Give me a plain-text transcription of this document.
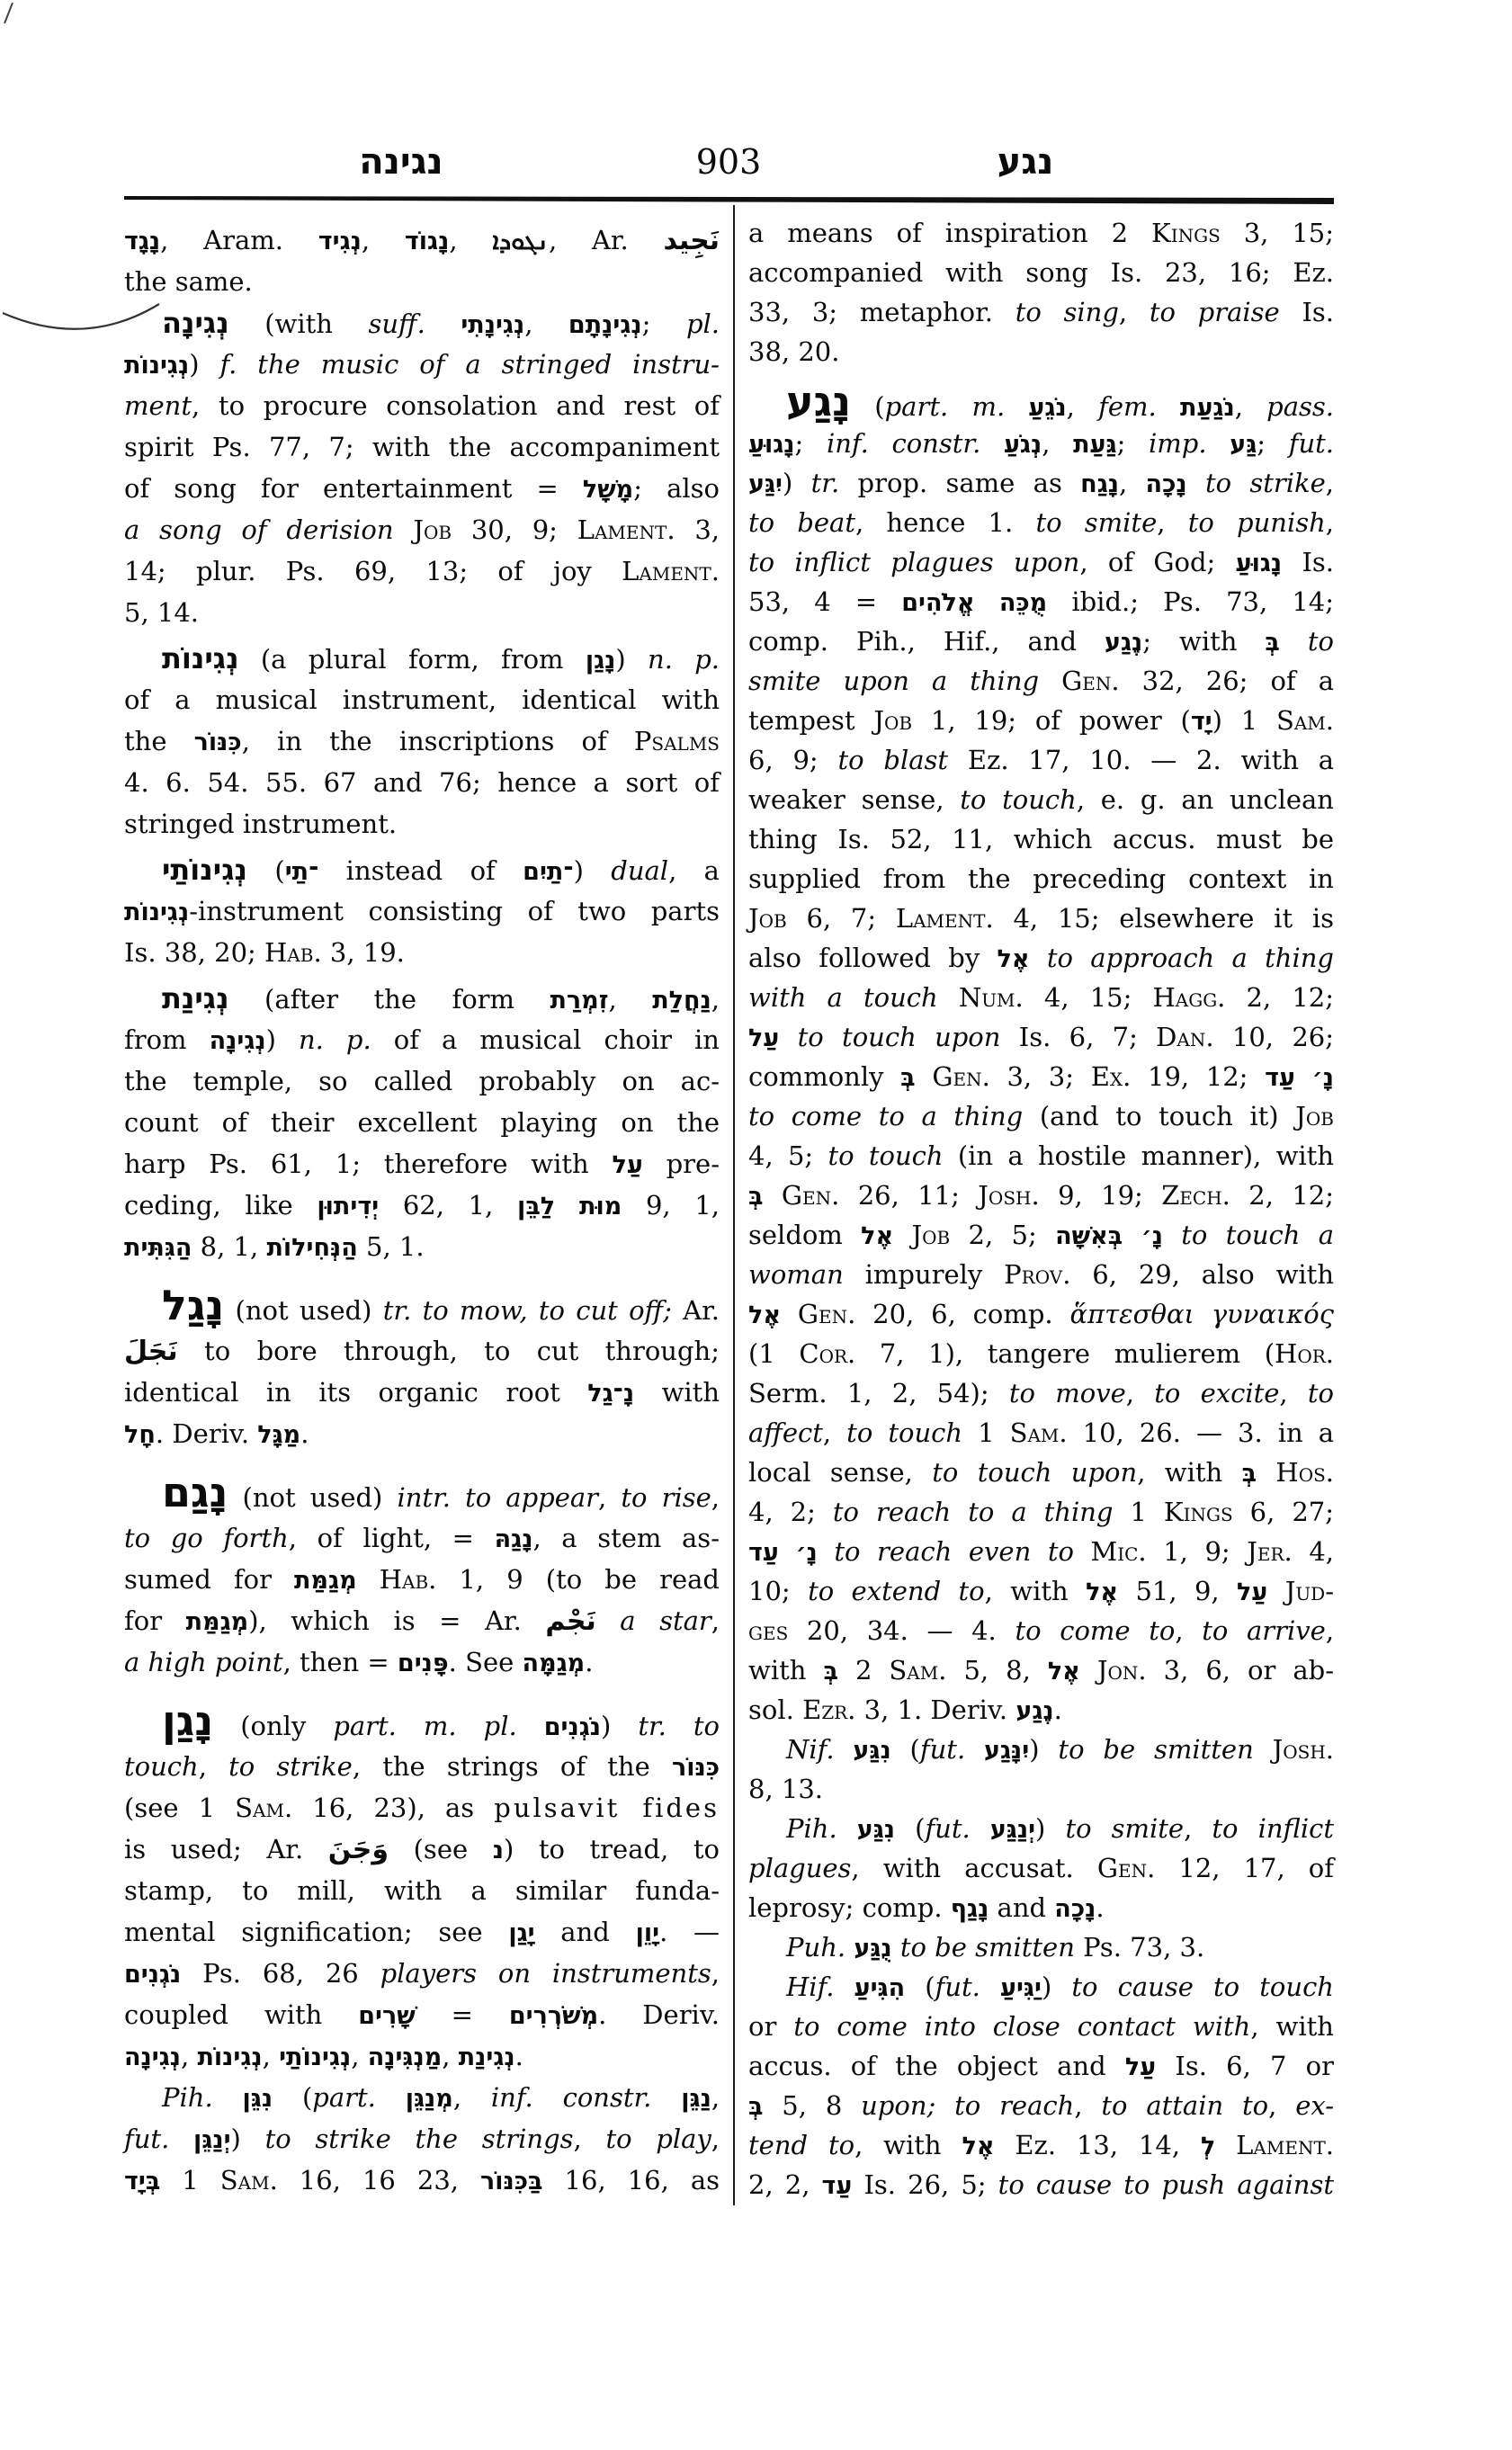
נגינה	903	נגע
נָגָד, Aram. נְגִיד, נָגוֹד, ܢܓܘܕܐ, Ar. نَجِيد
the same.
נְגִינָה (with suff. נְגִינָתִי, נְגִינָתָם; pl.
נְגִינוֹת) f. the music of a stringed instru-
ment, to procure consolation and rest of
spirit Ps. 77, 7; with the accompaniment
of song for entertainment = מָשָׁל; also
a song of derision Job 30, 9; Lament. 3,
14; plur. Ps. 69, 13; of joy Lament.
5, 14.
נְגִינוֹת (a plural form, from נָגַן) n. p.
of a musical instrument, identical with
the כִּנּוֹר, in the inscriptions of Psalms
4. 6. 54. 55. 67 and 76; hence a sort of
stringed instrument.
נְגִינוֹתַי (־תַי instead of ־תַיִם) dual, a
נְגִינוֹת-instrument consisting of two parts
Is. 38, 20; Hab. 3, 19.
נְגִינַת (after the form זִמְרַת, נַחֲלַת,
from נְגִינָה) n. p. of a musical choir in
the temple, so called probably on ac-
count of their excellent playing on the
harp Ps. 61, 1; therefore with עַל pre-
ceding, like יְדִיתוּן 62, 1, מוּת לַבֵּן 9, 1,
הַגִּתִּית 8, 1, הַנְּחִילוֹת 5, 1.
נָגַל (not used) tr. to mow, to cut off; Ar.
نَجَلَ to bore through, to cut through;
identical in its organic root נָ־גַל with
חָל. Deriv. מַגָּל.
נָגַם (not used) intr. to appear, to rise,
to go forth, of light, = נָגַהּ, a stem as-
sumed for מְגַמַּת Hab. 1, 9 (to be read
for מְגַמַּת), which is = Ar. نَجْم a star,
a high point, then = פָּנִים. See מְגַמָּה.
נָגַן (only part. m. pl. נֹגְנִים) tr. to
touch, to strike, the strings of the כִּנּוֹר
(see 1 Sam. 16, 23), as pulsavit fides
is used; Ar. وَجَنَ (see נ) to tread, to
stamp, to mill, with a similar funda-
mental signification; see יָגַן and יָוֵן. —
נֹגְנִים Ps. 68, 26 players on instruments,
coupled with שָׁרִים = מְשֹׁרְרִים. Deriv.
נְגִינָה, נְגִינוֹת, נְגִינוֹתַי, מַנְגִּינָה, נְגִינַת.
Pih. נִגֵּן (part. מְנַגֵּן, inf. constr. נַגֵּן,
fut. יְנַגֵּן) to strike the strings, to play,
בְּיָד 1 Sam. 16, 16 23, בַּכִּנּוֹר 16, 16, as
a means of inspiration 2 Kings 3, 15;
accompanied with song Is. 23, 16; Ez.
33, 3; metaphor. to sing, to praise Is.
38, 20.
נָגַע (part. m. נֹגֵעַ, fem. נֹגַעַת, pass.
נָגוּעַ; inf. constr. נְגֹעַ, גַּעַת; imp. גַּע; fut.
יִגַּע) tr. prop. same as נָגַח, נָכָה to strike,
to beat, hence 1. to smite, to punish,
to inflict plagues upon, of God; נָגוּעַ Is.
53, 4 = מֻכֵּה אֱלֹהִים ibid.; Ps. 73, 14;
comp. Pih., Hif., and נֶגַע; with בְּ to
smite upon a thing Gen. 32, 26; of a
tempest Job 1, 19; of power (יָד) 1 Sam.
6, 9; to blast Ez. 17, 10. — 2. with a
weaker sense, to touch, e. g. an unclean
thing Is. 52, 11, which accus. must be
supplied from the preceding context in
Job 6, 7; Lament. 4, 15; elsewhere it is
also followed by אֶל to approach a thing
with a touch Num. 4, 15; Hagg. 2, 12;
עַל to touch upon Is. 6, 7; Dan. 10, 26;
commonly בְּ Gen. 3, 3; Ex. 19, 12; נָ׳ עַד
to come to a thing (and to touch it) Job
4, 5; to touch (in a hostile manner), with
בְּ Gen. 26, 11; Josh. 9, 19; Zech. 2, 12;
seldom אֶל Job 2, 5; נָ׳ בְּאִשָּׁה to touch a
woman impurely Prov. 6, 29, also with
אֶל Gen. 20, 6, comp. ἅπτεσθαι γυναικός
(1 Cor. 7, 1), tangere mulierem (Hor.
Serm. 1, 2, 54); to move, to excite, to
affect, to touch 1 Sam. 10, 26. — 3. in a
local sense, to touch upon, with בְּ Hos.
4, 2; to reach to a thing 1 Kings 6, 27;
נָ׳ עַד to reach even to Mic. 1, 9; Jer. 4,
10; to extend to, with אֶל 51, 9, עַל Jud-
ges 20, 34. — 4. to come to, to arrive,
with בְּ 2 Sam. 5, 8, אֶל Jon. 3, 6, or ab-
sol. Ezr. 3, 1. Deriv. נֶגַע.
Nif. נִגַּע (fut. יִנָּגַע) to be smitten Josh.
8, 13.
Pih. נִגַּע (fut. יְנַגַּע) to smite, to inflict
plagues, with accusat. Gen. 12, 17, of
leprosy; comp. נָגַף and נָכָה.
Puh. נֻגַּע to be smitten Ps. 73, 3.
Hif. הִגִּיעַ (fut. יַגִּיעַ) to cause to touch
or to come into close contact with, with
accus. of the object and עַל Is. 6, 7 or
בְּ 5, 8 upon; to reach, to attain to, ex-
tend to, with אֶל Ez. 13, 14, לְ Lament.
2, 2, עַד Is. 26, 5; to cause to push against
